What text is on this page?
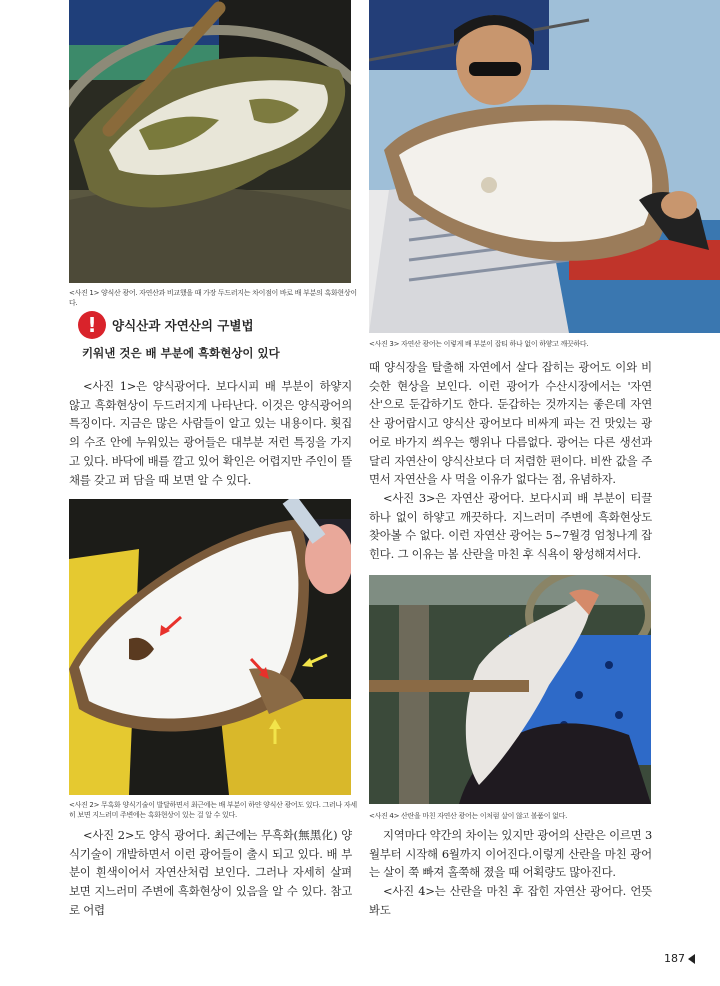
<사진 1> 양식산 광어. 자연산과 비교했을 때 가장 두드러지는 차이점이 바로 배 부분의 흑화현상이다.
<사진 3> 자연산 광어는 이렇게 배 부분이 잡티 하나 없이 하얗고 깨끗하다.
!	양식산과 자연산의 구별법
키워낸 것은 배 부분에 흑화현상이 있다

<사진 1>은 양식광어다. 보다시피 배 부분이 하얗지 않고 흑화현상이 두드러지게 나타난다. 이것은 양식광어의 특징이다. 지금은 많은 사람들이 알고 있는 내용이다. 횟집의 수조 안에 누워있는 광어들은 대부분 저런 특징을 가지고 있다. 바닥에 배를 깔고 있어 확인은 어렵지만 주인이 뜰채를 갖고 퍼 담을 때 보면 알 수 있다.

때 양식장을 탈출해 자연에서 살다 잡히는 광어도 이와 비슷한 현상을 보인다. 이런 광어가 수산시장에서는 '자연산'으로 둔갑하기도 한다. 둔갑하는 것까지는 좋은데 자연산 광어랍시고 양식산 광어보다 비싸게 파는 건 맛있는 광어로 바가지 씌우는 행위나 다름없다. 광어는 다른 생선과 달리 자연산이 양식산보다 더 저렴한 편이다. 비싼 값을 주면서 자연산을 사 먹을 이유가 없다는 점, 유념하자.

<사진 3>은 자연산 광어다. 보다시피 배 부분이 티끌 하나 없이 하얗고 깨끗하다. 지느러미 주변에 흑화현상도 찾아볼 수 없다. 이런 자연산 광어는 5~7월경 엄청나게 잡힌다. 그 이유는 봄 산란을 마친 후 식욕이 왕성해져서다.

<사진 2> 무흑화 양식기술이 발달하면서 최근에는 배 부분이 하얀 양식산 광어도 있다. 그러나 자세
히 보면 지느러미 주변에는 흑화현상이 있는 걸 알 수 있다.	<사진 4> 산란을 마친 자연산 광어는 이처럼 살이 않고 볼품이 없다.

<사진 2>도 양식 광어다. 최근에는 무흑화(無黑化) 양식기술이 개발하면서 이런 광어들이 출시 되고 있다. 배 부분이 흰색이어서 자연산처럼 보인다. 그러나 자세히 살펴보면 지느러미 주변에 흑화현상이 있음을 알 수 있다. 참고로 어렵

지역마다 약간의 차이는 있지만 광어의 산란은 이르면 3월부터 시작해 6월까지 이어진다.이렇게 산란을 마친 광어는 살이 쭉 빠져 홀쭉해 졌을 때 어획량도 많아진다.

<사진 4>는 산란을 마친 후 잡힌 자연산 광어다. 언뜻 봐도

187
